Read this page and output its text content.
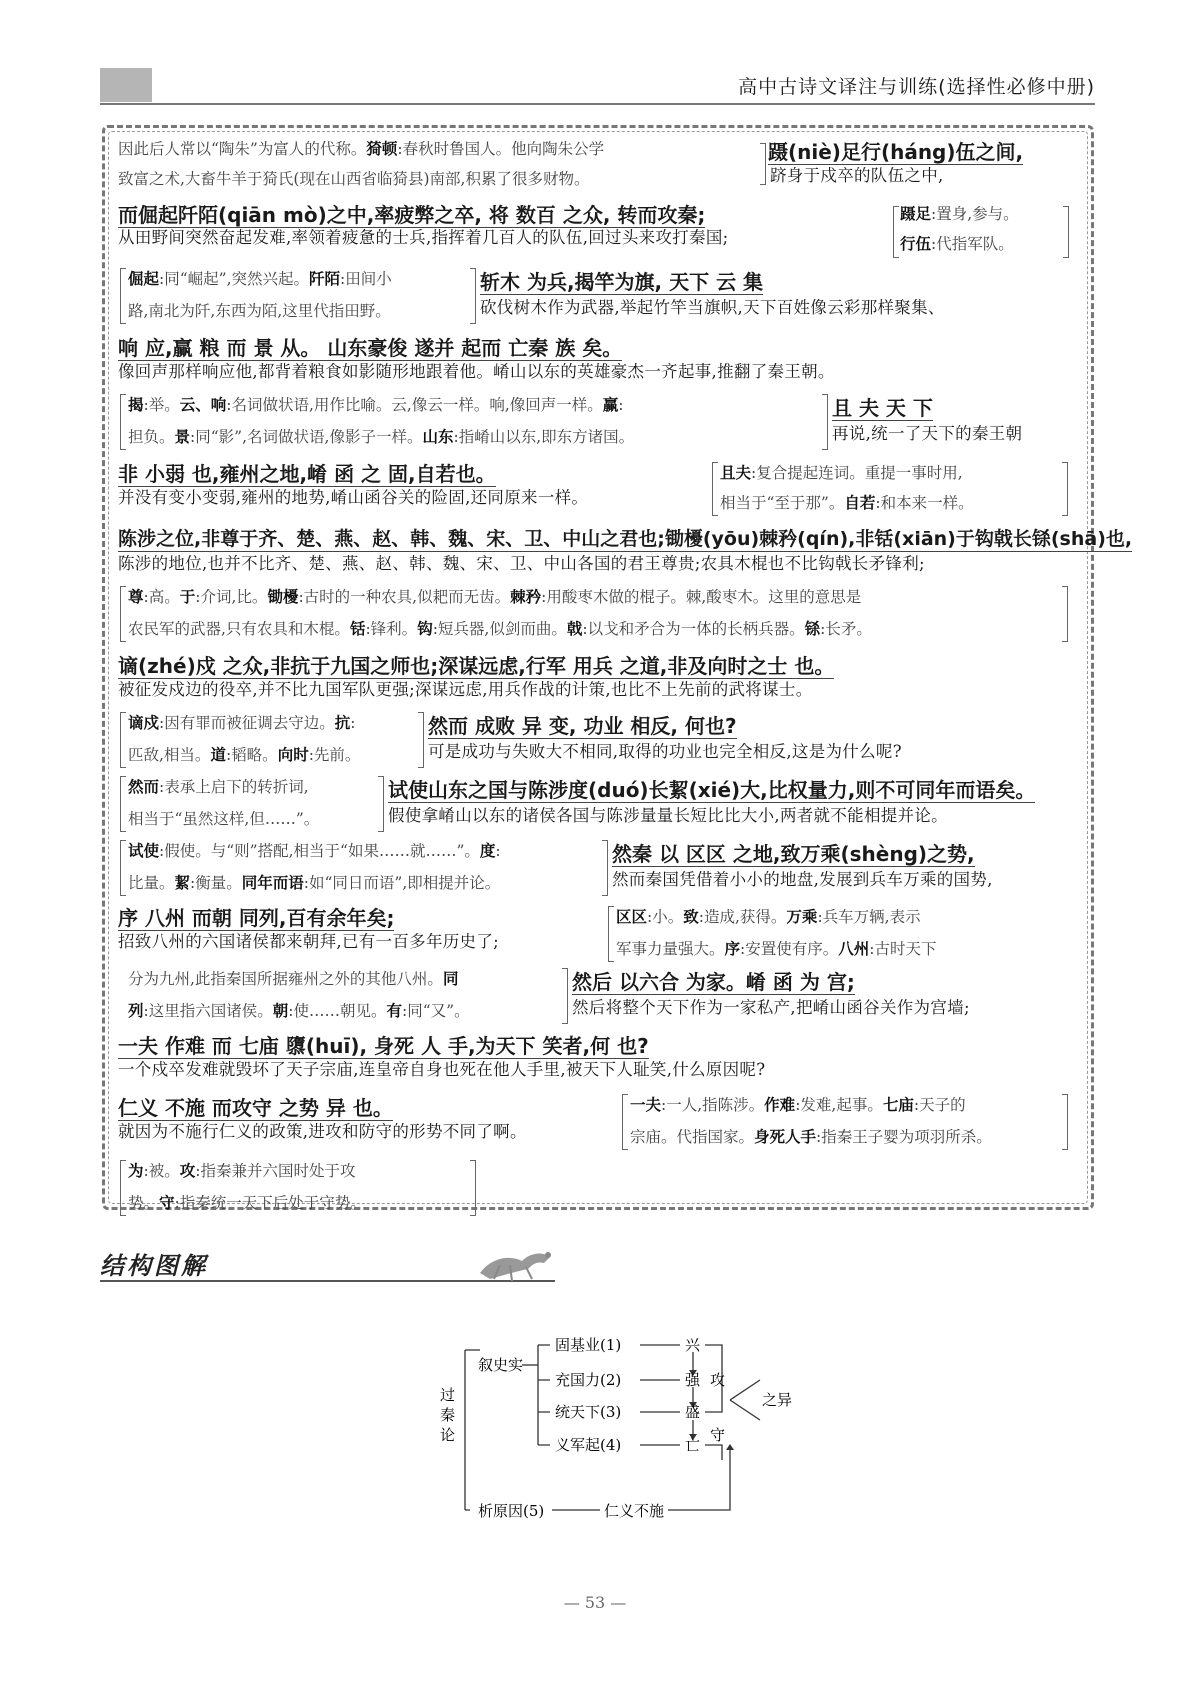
高中古诗文译注与训练(选择性必修中册)
因此后人常以“陶朱”为富人的代称。猗顿:春秋时鲁国人。他向陶朱公学
致富之术,大畜牛羊于猗氏(现在山西省临猗县)南部,积累了很多财物。
蹑(niè)足行(háng)伍之间,
跻身于戍卒的队伍之中,
而倔起阡陌(qiān mò)之中,率疲弊之卒, 将 数百 之众, 转而攻秦;
从田野间突然奋起发难,率领着疲惫的士兵,指挥着几百人的队伍,回过头来攻打秦国;
蹑足:置身,参与。
行伍:代指军队。
倔起:同“崛起”,突然兴起。阡陌:田间小
路,南北为阡,东西为陌,这里代指田野。
斩木 为兵,揭竿为旗, 天下 云 集
砍伐树木作为武器,举起竹竿当旗帜,天下百姓像云彩那样聚集、
响 应,赢 粮 而 景 从。 山东豪俊 遂并 起而 亡秦 族 矣。
像回声那样响应他,都背着粮食如影随形地跟着他。崤山以东的英雄豪杰一齐起事,推翻了秦王朝。
揭:举。云、响:名词做状语,用作比喻。云,像云一样。响,像回声一样。赢:
担负。景:同“影”,名词做状语,像影子一样。山东:指崤山以东,即东方诸国。
且 夫 天 下
再说,统一了天下的秦王朝
非 小弱 也,雍州之地,崤 函 之 固,自若也。
并没有变小变弱,雍州的地势,崤山函谷关的险固,还同原来一样。
且夫:复合提起连词。重提一事时用,
相当于“至于那”。自若:和本来一样。
陈涉之位,非尊于齐、楚、燕、赵、韩、魏、宋、卫、中山之君也;锄櫌(yōu)棘矜(qín),非铦(xiān)于钩戟长铩(shā)也,
陈涉的地位,也并不比齐、楚、燕、赵、韩、魏、宋、卫、中山各国的君王尊贵;农具木棍也不比钩戟长矛锋利;
尊:高。于:介词,比。锄櫌:古时的一种农具,似耙而无齿。棘矜:用酸枣木做的棍子。棘,酸枣木。这里的意思是
农民军的武器,只有农具和木棍。铦:锋利。钩:短兵器,似剑而曲。戟:以戈和矛合为一体的长柄兵器。铩:长矛。
谪(zhé)戍 之众,非抗于九国之师也;深谋远虑,行军 用兵 之道,非及向时之士 也。
被征发戍边的役卒,并不比九国军队更强;深谋远虑,用兵作战的计策,也比不上先前的武将谋士。
谪戍:因有罪而被征调去守边。抗:
匹敌,相当。道:韬略。向时:先前。
然而 成败 异 变, 功业 相反, 何也?
可是成功与失败大不相同,取得的功业也完全相反,这是为什么呢?
然而:表承上启下的转折词,
相当于“虽然这样,但……”。
试使山东之国与陈涉度(duó)长絜(xié)大,比权量力,则不可同年而语矣。
假使拿崤山以东的诸侯各国与陈涉量量长短比比大小,两者就不能相提并论。
试使:假使。与“则”搭配,相当于“如果……就……”。度:
比量。絜:衡量。同年而语:如“同日而语”,即相提并论。
然秦 以 区区 之地,致万乘(shèng)之势,
然而秦国凭借着小小的地盘,发展到兵车万乘的国势,
序 八州 而朝 同列,百有余年矣;
招致八州的六国诸侯都来朝拜,已有一百多年历史了;
区区:小。致:造成,获得。万乘:兵车万辆,表示
军事力量强大。序:安置使有序。八州:古时天下
分为九州,此指秦国所据雍州之外的其他八州。同
列:这里指六国诸侯。朝:使……朝见。有:同“又”。
然后 以六合 为家。崤 函 为 宫;
然后将整个天下作为一家私产,把崤山函谷关作为宫墙;
一夫 作难 而 七庙 隳(huī), 身死 人 手,为天下 笑者,何 也?
一个戍卒发难就毁坏了天子宗庙,连皇帝自身也死在他人手里,被天下人耻笑,什么原因呢?
仁义 不施 而攻守 之势 异 也。
就因为不施行仁义的政策,进攻和防守的形势不同了啊。
一夫:一人,指陈涉。作难:发难,起事。七庙:天子的
宗庙。代指国家。身死人手:指秦王子婴为项羽所杀。
为:被。攻:指秦兼并六国时处于攻
势。守:指秦统一天下后处于守势。
结构图解
过秦论
叙史实
析原因(5)
固基业(1)
充国力(2)
统天下(3)
义军起(4)
兴
强
盛
亡
攻
守
之异
仁义不施
— 53 —
